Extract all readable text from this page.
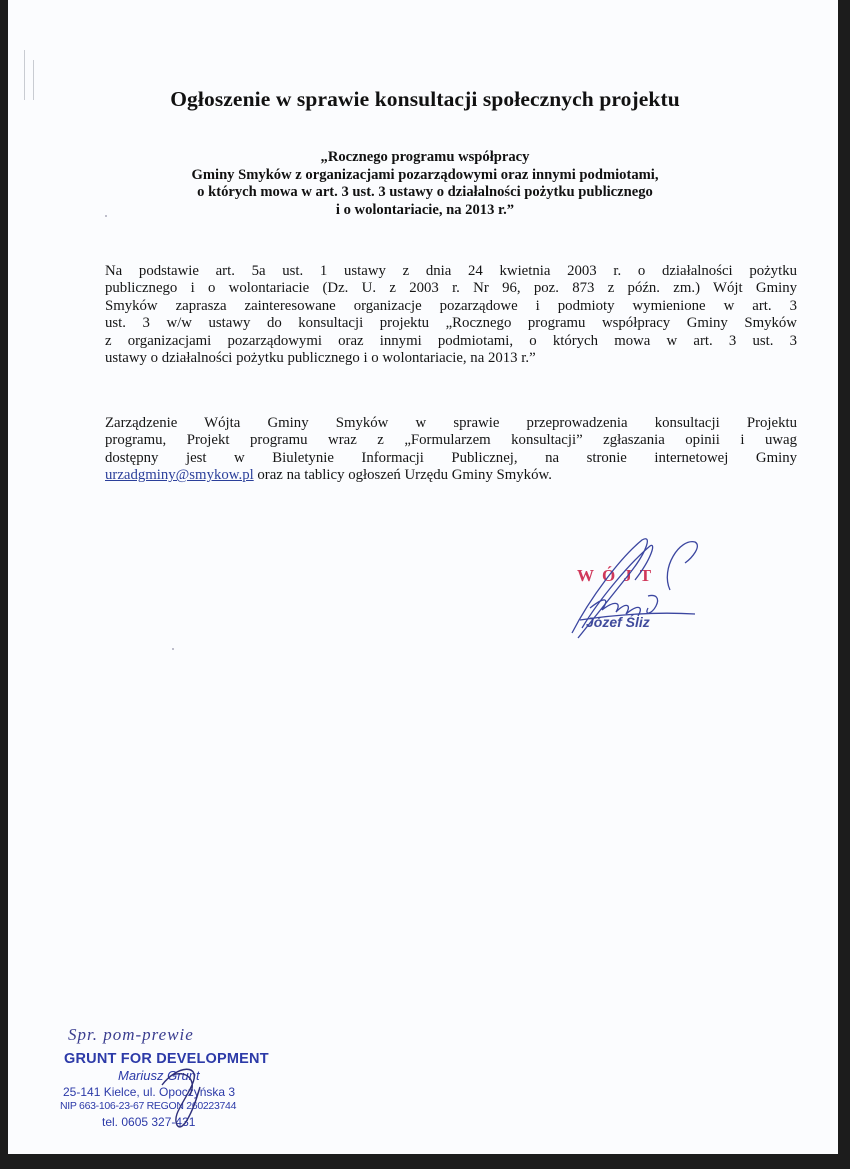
Ogłoszenie w sprawie konsultacji społecznych projektu
„Rocznego programu współpracy
Gminy Smyków z organizacjami pozarządowymi oraz innymi podmiotami,
o których mowa w art. 3 ust. 3 ustawy o działalności pożytku publicznego
i o wolontariacie, na 2013 r.”
Na podstawie art. 5a ust. 1 ustawy z dnia 24 kwietnia 2003 r. o działalności pożytku
publicznego i o wolontariacie (Dz. U. z 2003 r. Nr 96, poz. 873 z późn. zm.) Wójt Gminy
Smyków zaprasza zainteresowane organizacje pozarządowe i podmioty wymienione w art. 3
ust. 3 w/w ustawy do konsultacji projektu „Rocznego programu współpracy Gminy Smyków
z organizacjami pozarządowymi oraz innymi podmiotami, o których mowa w art. 3 ust. 3
ustawy o działalności pożytku publicznego i o wolontariacie, na 2013 r.”
Zarządzenie Wójta Gminy Smyków w sprawie przeprowadzenia konsultacji Projektu
programu, Projekt programu wraz z „Formularzem konsultacji” zgłaszania opinii i uwag
dostępny jest w Biuletynie Informacji Publicznej, na stronie internetowej Gminy
urzadgminy@smykow.pl oraz na tablicy ogłoszeń Urzędu Gminy Smyków.
WÓJT
Józef Śliz
Spr. pom-prewie
GRUNT FOR DEVELOPMENT
Mariusz Grunt
25-141 Kielce, ul. Opoczyńska 3
NIP 663-106-23-67 REGON 260223744
tel. 0605 327-431
